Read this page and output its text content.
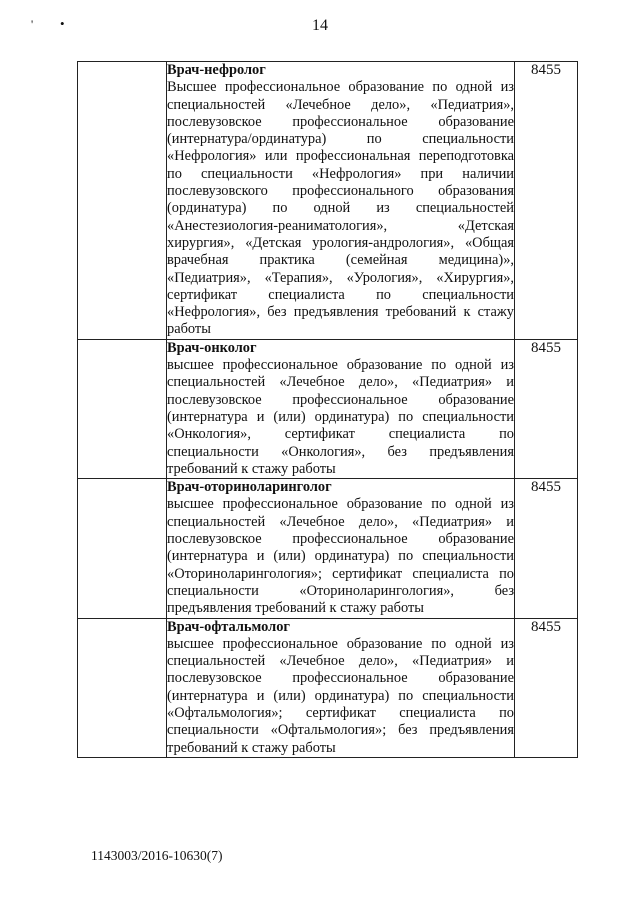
' •	14

	Врач-нефролог
Высшее профессиональное образование по одной из специальностей «Лечебное дело», «Педиатрия», послевузовское профессиональное образование (интернатура/ординатура) по специальности «Нефрология» или профессиональная переподготовка по специальности «Нефрология» при наличии послевузовского профессионального образования (ординатура) по одной из специальностей «Анестезиология-реаниматология», «Детская хирургия», «Детская урология-андрология», «Общая врачебная практика (семейная медицина)», «Педиатрия», «Терапия», «Урология», «Хирургия», сертификат специалиста по специальности «Нефрология», без предъявления требований к стажу работы	8455

	Врач-онколог
высшее профессиональное образование по одной из специальностей «Лечебное дело», «Педиатрия» и послевузовское профессиональное образование (интернатура и (или) ординатура) по специальности «Онкология», сертификат специалиста по специальности «Онкология», без предъявления требований к стажу работы	8455

	Врач-оториноларинголог
высшее профессиональное образование по одной из специальностей «Лечебное дело», «Педиатрия» и послевузовское профессиональное образование (интернатура и (или) ординатура) по специальности «Оториноларингология»; сертификат специалиста по специальности «Оториноларингология», без предъявления требований к стажу работы	8455

	Врач-офтальмолог
высшее профессиональное образование по одной из специальностей «Лечебное дело», «Педиатрия» и послевузовское профессиональное образование (интернатура и (или) ординатура) по специальности «Офтальмология»; сертификат специалиста по специальности «Офтальмология»; без предъявления требований к стажу работы	8455
1143003/2016-10630(7)
